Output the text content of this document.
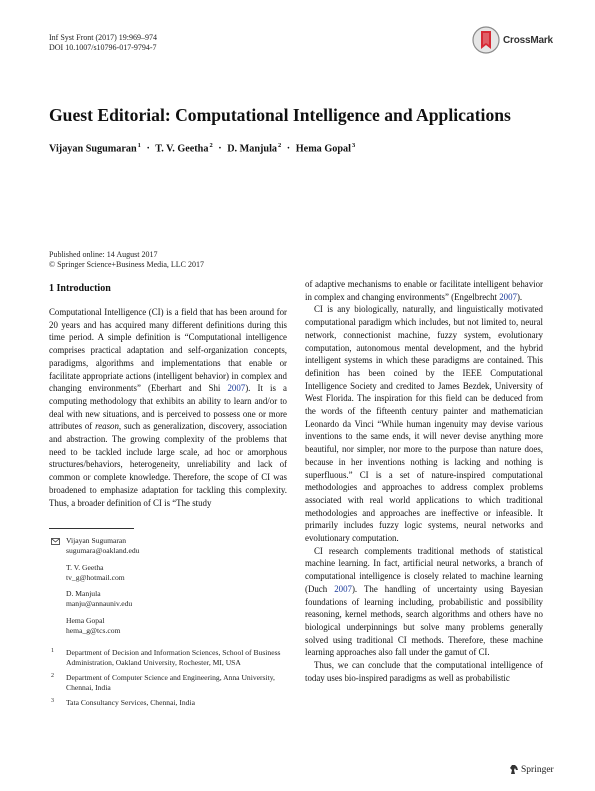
Inf Syst Front (2017) 19:969–974
DOI 10.1007/s10796-017-9794-7
CrossMark
Guest Editorial: Computational Intelligence and Applications
Vijayan Sugumaran$^1$ · T. V. Geetha$^2$ · D. Manjula$^2$ · Hema Gopal$^3$
Published online: 14 August 2017
© Springer Science+Business Media, LLC 2017
1 Introduction

Computational Intelligence (CI) is a field that has been around for 20 years and has acquired many different definitions during this time period. A simple definition is “Computational intelligence comprises practical adaptation and self-organization concepts, paradigms, algorithms and implementations that enable or facilitate appropriate actions (intelligent behavior) in complex and changing environments” (Eberhart and Shi 2007). It is a computing methodology that exhibits an ability to learn and/or to deal with new situations, and is perceived to possess one or more attributes of reason, such as generalization, discovery, association and abstraction. The growing complexity of the problems that need to be tackled include large scale, ad hoc or amorphous structures/behaviors, heterogeneity, unreliability and lack of common or complete knowledge. Therefore, the scope of CI was broadened to emphasize adaptation for tackling this complexity. Thus, a broader definition of CI is “The study

Vijayan Sugumaran
sugumara@oakland.edu
T. V. Geetha
tv_g@hotmail.com
D. Manjula
manju@annauniv.edu
Hema Gopal
hema_g@tcs.com
1 Department of Decision and Information Sciences, School of Business Administration, Oakland University, Rochester, MI, USA
2 Department of Computer Science and Engineering, Anna University, Chennai, India
3 Tata Consultancy Services, Chennai, India

of adaptive mechanisms to enable or facilitate intelligent behavior in complex and changing environments” (Engelbrecht 2007).

CI is any biologically, naturally, and linguistically motivated computational paradigm which includes, but not limited to, neural network, connectionist machine, fuzzy system, evolutionary computation, autonomous mental development, and the hybrid intelligent systems in which these paradigms are contained. This definition has been coined by the IEEE Computational Intelligence Society and credited to James Bezdek, University of West Florida. The inspiration for this field can be deduced from the words of the fifteenth century painter and mathematician Leonardo da Vinci “While human ingenuity may devise various inventions to the same ends, it will never devise anything more beautiful, nor simpler, nor more to the purpose than nature does, because in her inventions nothing is lacking and nothing is superfluous.” CI is a set of nature-inspired computational methodologies and approaches to address complex problems associated with real world applications to which traditional methodologies and approaches are ineffective or infeasible. It primarily includes fuzzy logic systems, neural networks and evolutionary computation.

CI research complements traditional methods of statistical machine learning. In fact, artificial neural networks, a branch of computational intelligence is closely related to machine learning (Duch 2007). The handling of uncertainty using Bayesian foundations of learning including, probabilistic and possibility reasoning, kernel methods, search algorithms and others have no biological underpinnings but solve many problems generally solved using traditional CI methods. Therefore, these machine learning approaches also fall under the gamut of CI.

Thus, we can conclude that the computational intelligence of today uses bio-inspired paradigms as well as probabilistic

Springer
